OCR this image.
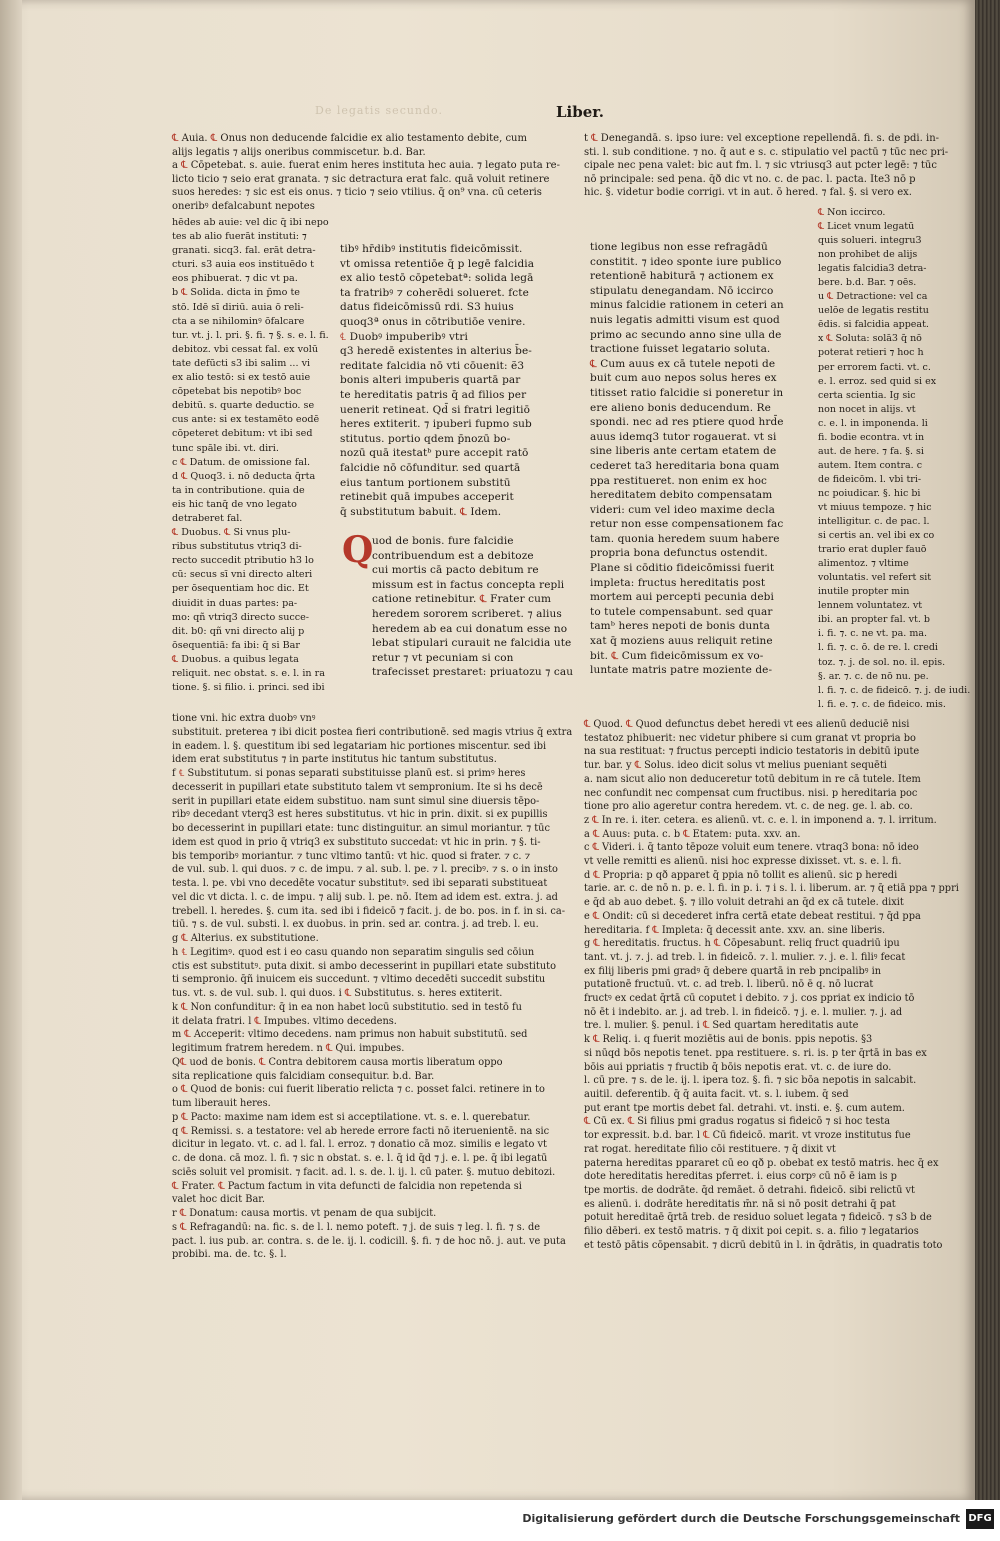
De legatis secundo.	Liber.
℄ Auia. ℄ Onus non deducende falcidie ex alio testamento debite, cum
alijs legatis ⁊ alijs oneribus commiscetur. b.d. Bar.
a ℄ Cōpetebat. s. auie. fuerat enim heres instituta hec auia. ⁊ legato puta re-
licto ticio ⁊ seio erat granata. ⁊ sic detractura erat falc. quā voluit retinere
suos heredes: ⁊ sic est eis onus. ⁊ ticio ⁊ seio vtilius. q̄ on⁹ vna. cū ceteris
oneribꝰ defalcabunt nepotes
hēdes ab auie: vel dic q̄ ibi nepo
tes ab alio fuerāt instituti: ⁊
granati. sicq3. fal. erāt detra-
cturi. s3 auia eos instituēdo t
eos phibuerat. ⁊ dic vt pa.
b ℄ Solida. dicta in p̄mo te
stō. Idē sī diriū. auia ō reli-
cta a se nihilominꝰ ōfalcare
tur. vt. j. l. pri. §. fi. ⁊ §. s. e. l. fi.
debitoz. vbi cessat fal. ex volū
tate defūcti s3 ibi salim ... vi
ex alio testō: si ex testō auie
cōpetebat bis nepotibꝰ boc
debitū. s. quarte deductio. se
cus ante: si ex testamēto eodē
cōpeteret debitum: vt ibi sed
tunc spāle ibi. vt. diri.
c ℄ Datum. de omissione fal.
d ℄ Quoq3. i. nō deducta q̄rta
ta in contributione. quia de
eis hic tanq̄ de vno legato
detraberet fal.
℄ Duobus. ℄ Si vnus plu-
ribus substitutus vtriq3 di-
recto succedit ptributio h3 lo
cū: secus sī vni directo alteri
per ōsequentiam hoc dic. Et
diuidit in duas partes: pa-
mo: qñ vtriq3 directo succe-
dit. b0: qñ vni directo alij p
ōsequentiā: fa ibi: q̄ si Bar
℄ Duobus. a quibus legata
reliquit. nec obstat. s. e. l. in ra
tione. §. si filio. i. princi. sed ibi
tibꝰ hr̄dibꝰ institutis fideicōmissit.
vt omissa retentiōe q̄ p legē falcidia
ex alio testō cōpetebatª: solida legā
ta fratribꝰ ⁊ coherēdi solueret. fcte
datus fideicōmissū rdi. S3 huius
quoq3ª onus in cōtributiōe venire.
℄ Duobꝰ impuberibꝰ vtri
q3 heredē existentes in alterius b̄e-
reditate falcidia nō vti cōuenit: ẽ3
bonis alteri impuberis quartā par
te hereditatis patris q̄ ad filios per
uenerit retineat. Qd̄ si fratri legitiō
heres extiterit. ⁊ ipuberi fupmo sub
stitutus. portio qdem p̄nozū bo-
nozū quā itestatᵇ pure accepit ratō
falcidie nō cōfunditur. sed quartā
eius tantum portionem substitū
retinebit quā impubes acceperit
q̄ substitutum babuit. ℄ Idem.
Q
uod de bonis. fure falcidie
contribuendum est a debitoze
cui mortis cā pacto debitum re
missum est in factus concepta repli
catione retinebitur. ℄ Frater cum
heredem sororem scriberet. ⁊ alius
heredem ab ea cui donatum esse no
lebat stipulari curauit ne falcidia ute
retur ⁊ vt pecuniam si con
trafecisset prestaret: priuatozu ⁊ cau
tione vni. hic extra duobꝰ vnꝰ
substituit. preterea ⁊ ibi dicit postea fieri contributionē. sed magis vtrius q̄ extra
in eadem. l. §. questitum ibi sed legatariam hic portiones miscentur. sed ibi
idem erat substitutus ⁊ in parte institutus hic tantum substitutus.
f ℄ Substitutum. si ponas separati substituisse planū est. si primꝰ heres
decesserit in pupillari etate substituto talem vt sempronium. Ite si hs decē
serit in pupillari etate eidem substituo. nam sunt simul sine diuersis tēpo-
ribꝰ decedant vterq3 est heres substitutus. vt hic in prin. dixit. si ex pupillis
bo decesserint in pupillari etate: tunc distinguitur. an simul moriantur. ⁊ tūc
idem est quod in prio q̄ vtriq3 ex substituto succedat: vt hic in prin. ⁊ §. ti-
bis temporibꝰ moriantur. ⁊ tunc vltimo tantū: vt hic. quod si frater. ⁊ c. ⁊
de vul. sub. l. qui duos. ⁊ c. de impu. ⁊ al. sub. l. pe. ⁊ l. precibꝰ. ⁊ s. o in insto
testa. l. pe. vbi vno decedēte vocatur substitutꝰ. sed ibi separati substitueat
vel dic vt dicta. l. c. de impu. ⁊ alij sub. l. pe. nō. Item ad idem est. extra. j. ad
trebell. l. heredes. §. cum ita. sed ibi i fideicō ⁊ facit. j. de bo. pos. in f. in si. ca-
tiū. ⁊ s. de vul. substi. l. ex duobus. in prin. sed ar. contra. j. ad treb. l. eu.
g ℄ Alterius. ex substitutione.
h ℄ Legitimꝰ. quod est i eo casu quando non separatim singulis sed cōiun
ctis est substitutꝰ. puta dixit. si ambo decesserint in pupillari etate substituto
ti sempronio. q̄ñ inuicem eis succedunt. ⁊ vltimo decedēti succedit substitu
tus. vt. s. de vul. sub. l. qui duos. i ℄ Substitutus. s. heres extiterit.
k ℄ Non confunditur: q̄ in ea non habet locū substitutio. sed in testō fu
it delata fratri. l ℄ Impubes. vltimo decedens.
m ℄ Acceperit: vltimo decedens. nam primus non habuit substitutū. sed
legitimum fratrem heredem. n ℄ Qui. impubes.
Q℄ uod de bonis. ℄ Contra debitorem causa mortis liberatum oppo
sita replicatione quis falcidiam consequitur. b.d. Bar.
o ℄ Quod de bonis: cui fuerit liberatio relicta ⁊ c. posset falci. retinere in to
tum liberauit heres.
p ℄ Pacto: maxime nam idem est si acceptilatione. vt. s. e. l. querebatur.
q ℄ Remissi. s. a testatore: vel ab herede errore facti nō iteruenientē. na sic
dicitur in legato. vt. c. ad l. fal. l. erroz. ⁊ donatio cā moz. similis e legato vt
c. de dona. cā moz. l. fi. ⁊ sic n obstat. s. e. l. q̄ id q̄d ⁊ j. e. l. pe. q̄ ibi legatū
sciēs soluit vel promisit. ⁊ facit. ad. l. s. de. l. ij. l. cū pater. §. mutuo debitozi.
℄ Frater. ℄ Pactum factum in vita defuncti de falcidia non repetenda si
valet hoc dicit Bar.
r ℄ Donatum: causa mortis. vt penam de qua subijcit.
s ℄ Refragandū: na. fic. s. de l. l. nemo poteft. ⁊ j. de suis ⁊ leg. l. fi. ⁊ s. de
pact. l. ius pub. ar. contra. s. de le. ij. l. codicill. §. fi. ⁊ de hoc nō. j. aut. ve puta
probibi. ma. de. tc. §. l.
t ℄ Denegandā. s. ipso iure: vel exceptione repellendā. fi. s. de pdi. in-
sti. l. sub conditione. ⁊ no. q̄ aut e s. c. stipulatio vel pactū ⁊ tūc nec pri-
cipale nec pena valet: bic aut fm. l. ⁊ sic vtriusq3 aut pcter legē: ⁊ tūc
nō principale: sed pena. q̄ð dic vt no. c. de pac. l. pacta. Ite3 nō p
hic. §. videtur bodie corrigi. vt in aut. ō hered. ⁊ fal. §. si vero ex.
tione legibus non esse refragādū
constitit. ⁊ ideo sponte iure publico
retentionē habiturā ⁊ actionem ex
stipulatu denegandam. Nō iccirco
minus falcidie rationem in ceteri an
nuis legatis admitti visum est quod
primo ac secundo anno sine ulla de
tractione fuisset legatario soluta.
℄ Cum auus ex cā tutele nepoti de
buit cum auo nepos solus heres ex
titisset ratio falcidie si poneretur in
ere alieno bonis deducendum. Re
spondi. nec ad res ptiere quod hrd̄e
auus idemq3 tutor rogauerat. vt si
sine liberis ante certam etatem de
cederet ta3 hereditaria bona quam
ppa restitueret. non enim ex hoc
hereditatem debito compensatam
videri: cum vel ideo maxime decla
retur non esse compensationem fac
tam. quonia heredem suum habere
propria bona defunctus ostendit.
Plane si cōditio fideicōmissi fuerit
impleta: fructus hereditatis post
mortem aui percepti pecunia debi
to tutele compensabunt. sed quar
tamᵇ heres nepoti de bonis dunta
xat q̄ moziens auus reliquit retine
bit. ℄ Cum fideicōmissum ex vo-
luntate matris patre moziente de-
℄ Non iccirco.
℄ Licet vnum legatū
quis solueri. integru3
non prohibet de alijs
legatis falcidia3 detra-
bere. b.d. Bar. ⁊ oēs.
u ℄ Detractione: vel ca
uelōe de legatis restitu
ēdis. si falcidia appeat.
x ℄ Soluta: solā3 q̄ nō
poterat retieri ⁊ hoc h
per errorem facti. vt. c.
e. l. erroz. sed quid si ex
certa scientia. Ig sic
non nocet in alijs. vt
c. e. l. in imponenda. li
fi. bodie econtra. vt in
aut. de here. ⁊ fa. §. si
autem. Item contra. c
de fideicōm. l. vbi tri-
nc poiudicar. §. hic bi
vt miuus tempoze. ⁊ hic
intelligitur. c. de pac. l.
si certis an. vel ibi ex co
trario erat dupler fauō
alimentoz. ⁊ vltime
voluntatis. vel refert sit
inutile propter min
lennem voluntatez. vt
ibi. an propter fal. vt. b
i. fi. ⁊. c. ne vt. pa. ma.
l. fi. ⁊. c. ō. de re. l. credi
toz. ⁊. j. de sol. no. il. epis.
§. ar. ⁊. c. de nō nu. pe.
l. fi. ⁊. c. de fideicō. ⁊. j. de iudi.
l. fi. e. ⁊. c. de fideico. mis.
℄ Quod. ℄ Quod defunctus debet heredi vt ees alienū deduciē nisi
testatoz phibuerit: nec videtur phibere si cum granat vt propria bo
na sua restituat: ⁊ fructus percepti indicio testatoris in debitū ipute
tur. bar. y ℄ Solus. ideo dicit solus vt melius pueniant sequēti
a. nam sicut alio non deduceretur totū debitum in re cā tutele. Item
nec confundit nec compensat cum fructibus. nisi. p hereditaria poc
tione pro alio ageretur contra heredem. vt. c. de neg. ge. l. ab. co.
z ℄ In re. i. iter. cetera. es alienū. vt. c. e. l. in imponend a. ⁊. l. irritum.
a ℄ Auus: puta. c. b ℄ Etatem: puta. xxv. an.
c ℄ Videri. i. q̄ tanto tēpoze voluit eum tenere. vtraq3 bona: nō ideo
vt velle remitti es alienū. nisi hoc expresse dixisset. vt. s. e. l. fi.
d ℄ Propria: p qð apparet q̄ ppia nō tollit es alienū. sic p heredi
tarie. ar. c. de nō n. p. e. l. fi. in p. i. ⁊ i s. l. i. liberum. ar. ⁊ q̄ etiā ppa ⁊ ppri
e q̄d ab auo debet. §. ⁊ illo voluit detrahi an q̄d ex cā tutele. dixit
e ℄ Ondit: cū si decederet infra certā etate debeat restitui. ⁊ q̄d ppa
hereditaria. f ℄ Impleta: q̄ decessit ante. xxv. an. sine liberis.
g ℄ hereditatis. fructus. h ℄ Cōpesabunt. reliq fruct quadriū ipu
tant. vt. j. ⁊. j. ad treb. l. in fideicō. ⁊. l. mulier. ⁊. j. e. l. filiꝰ fecat
ex filij liberis pmi gradꝰ q̄ debere quartā in reb pncipalibꝰ in
putationē fructuū. vt. c. ad treb. l. liberū. nō ē q. nō lucrat
fructꝰ ex cedat q̄rtā cū coputet i debito. ⁊ j. cos ppriat ex indicio tō
nō ēt i indebito. ar. j. ad treb. l. in fideicō. ⁊ j. e. l. mulier. ⁊. j. ad
tre. l. mulier. §. penul. i ℄ Sed quartam hereditatis aute
k ℄ Reliq. i. q fuerit moziētis aui de bonis. ppis nepotis. §3
si nūqd bōs nepotis tenet. ppa restituere. s. ri. is. p ter q̄rtā in bas ex
bōis aui ppriatis ⁊ fructib q̄ bōis nepotis erat. vt. c. de iure do.
l. cū pre. ⁊ s. de le. ij. l. ipera toz. §. fi. ⁊ sic bōa nepotis in salcabit.
auitil. deferentib. q̄ q̄ auita facit. vt. s. l. iubem. q̄ sed
put erant tpe mortis debet fal. detrahi. vt. insti. e. §. cum autem.
℄ Cū ex. ℄ Si filius pmi gradus rogatus si fideicō ⁊ si hoc testa
tor expressit. b.d. bar. l ℄ Cū fideicō. marit. vt vroze institutus fue
rat rogat. hereditate filio cōi restituere. ⁊ q̄ dixit vt
paterna hereditas ppararet cū eo qð p. obebat ex testō matris. hec q̄ ex
dote hereditatis hereditas pferret. i. eius corpꝰ cū nō ē iam is p
tpe mortis. de dodrāte. q̄d remāet. ō detrahi. fideicō. sibi relictū vt
es alienū. i. dodrāte hereditatis m̄r. nā si nō posit detrahi q̄ pat
potuit hereditaē q̄rtā treb. de residuo soluet legata ⁊ fideicō. ⁊ s3 b de
filio dēberi. ex testō matris. ⁊ q̄ dixit poi cepit. s. a. filio ⁊ legatarios
et testō pātis cōpensabit. ⁊ dicrū debitū in l. in q̄drātis, in quadratis toto
Digitalisierung gefördert durch die Deutsche Forschungsgemeinschaft DFG
